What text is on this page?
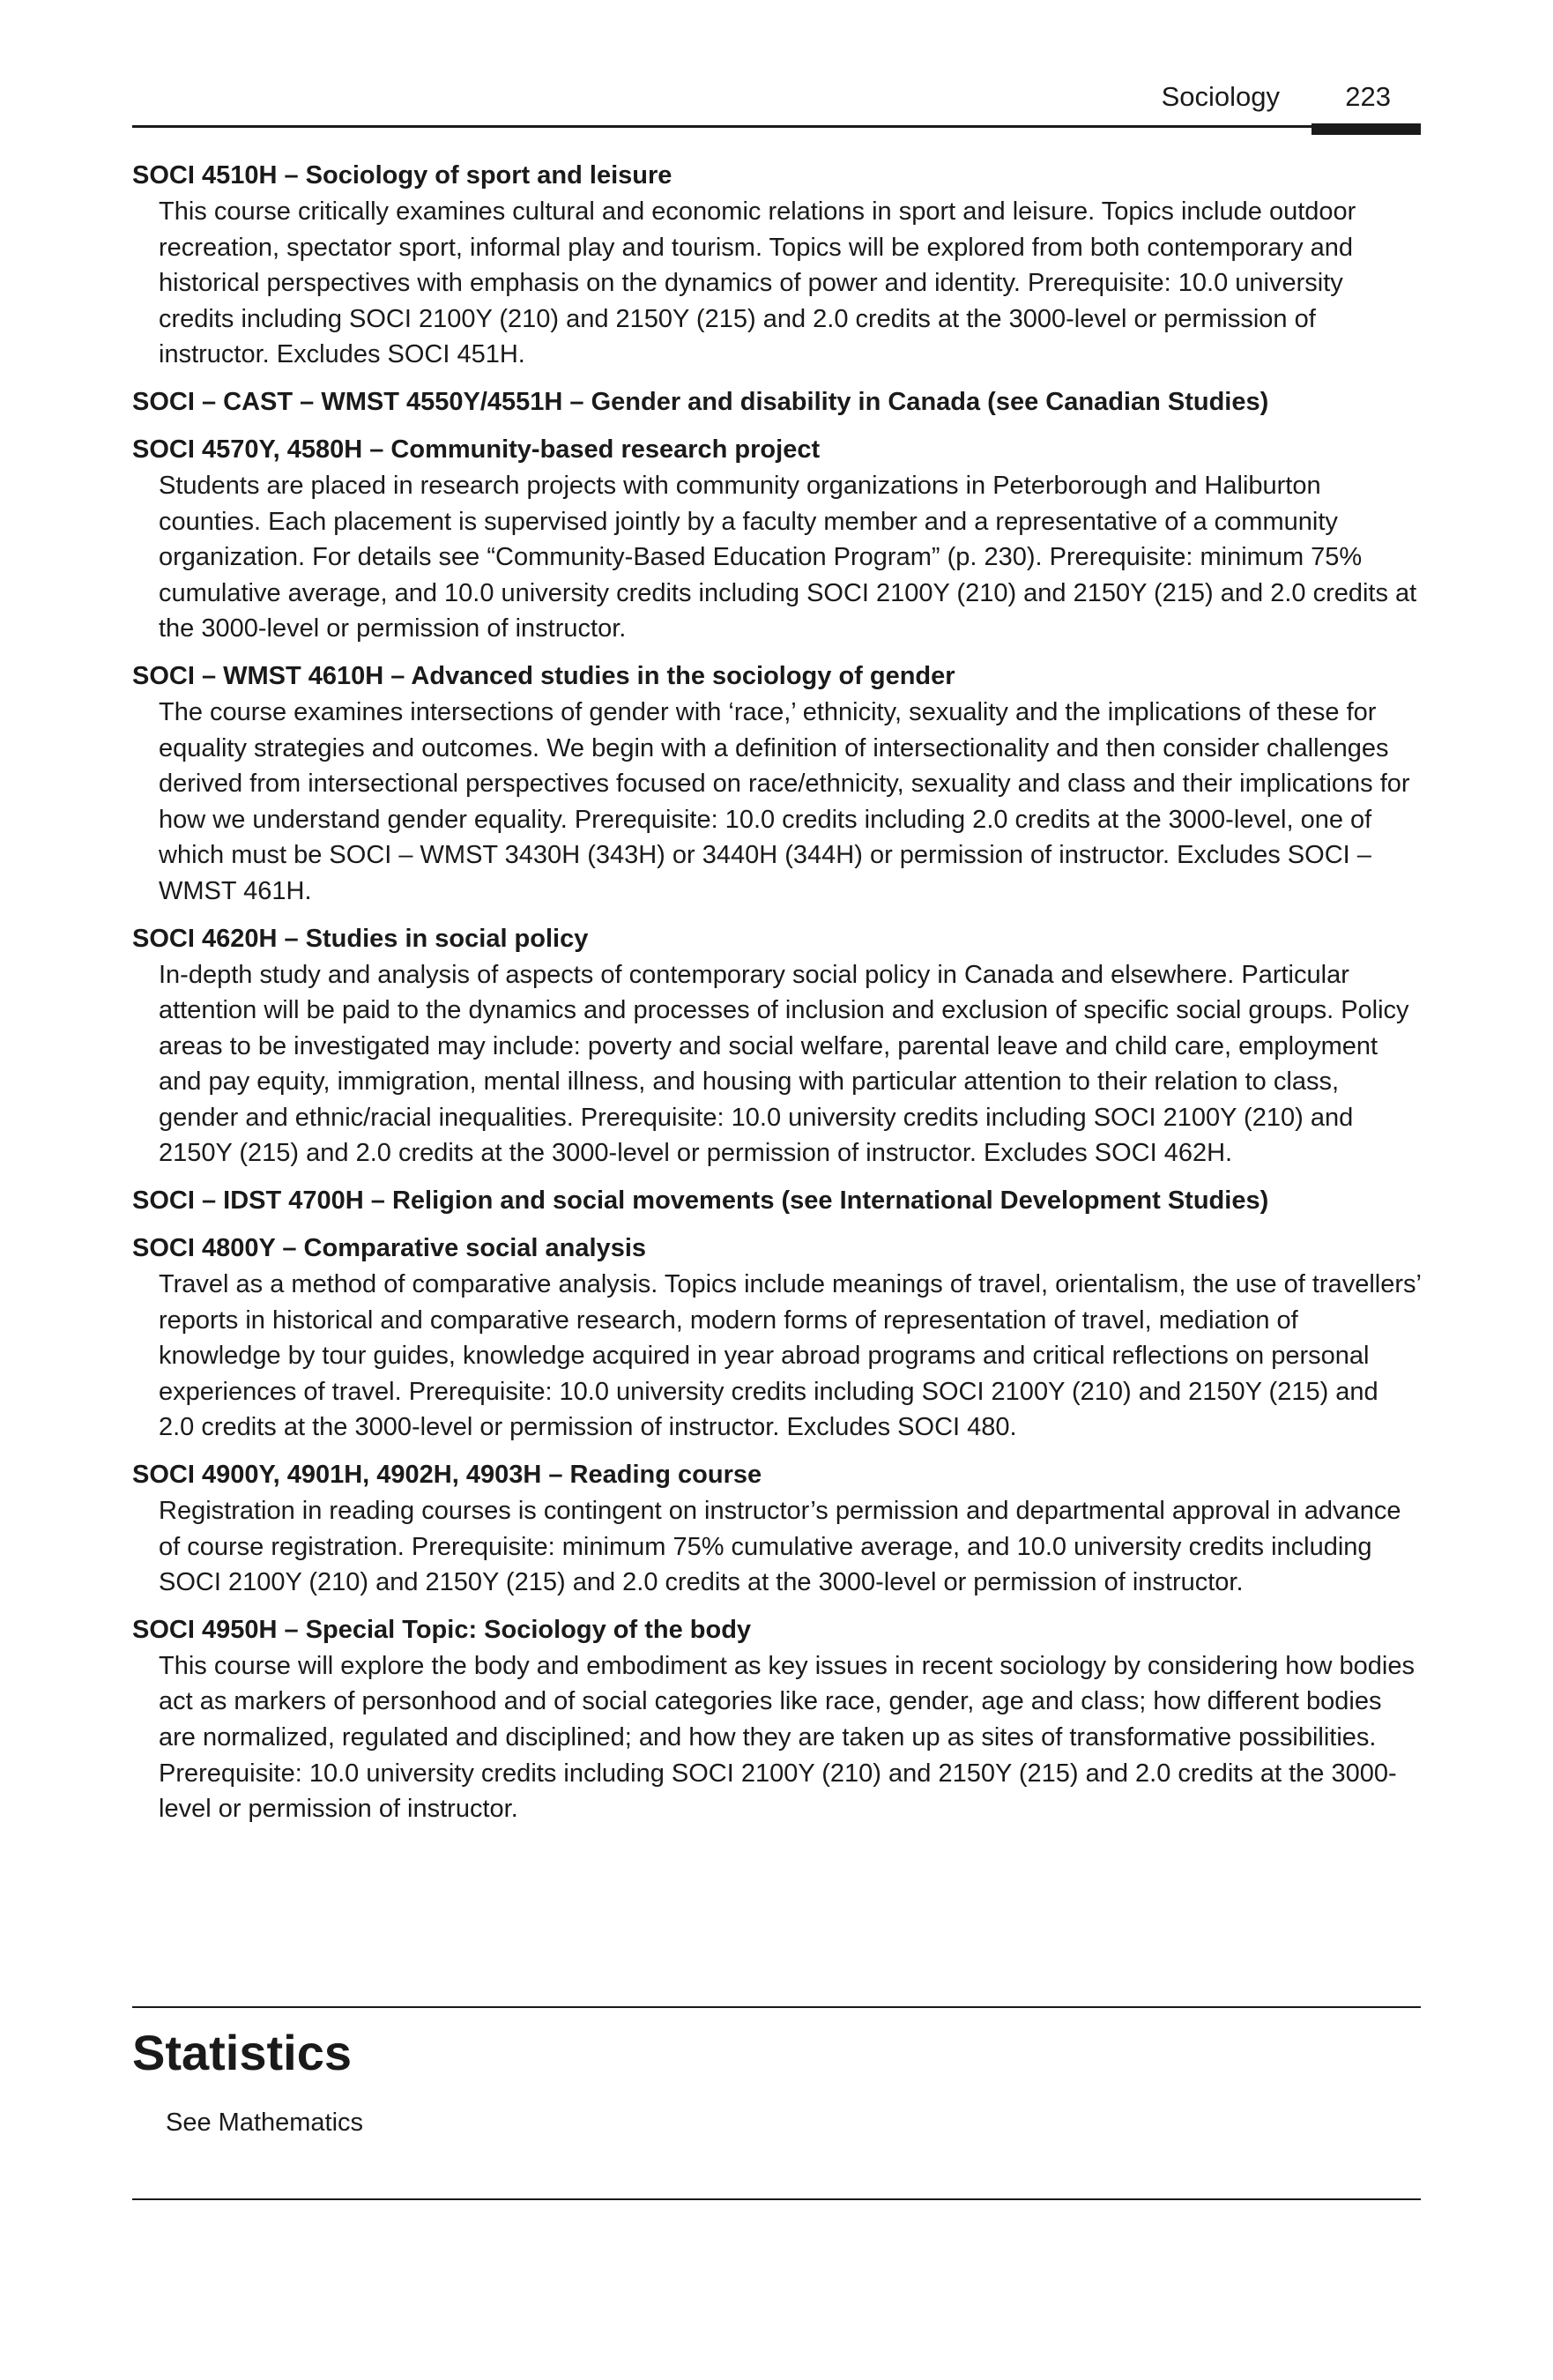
Sociology 223

SOCI 4510H – Sociology of sport and leisure

This course critically examines cultural and economic relations in sport and leisure. Topics include outdoor recreation, spectator sport, informal play and tourism. Topics will be explored from both contemporary and historical perspectives with emphasis on the dynamics of power and identity. Prerequisite: 10.0 university credits including SOCI 2100Y (210) and 2150Y (215) and 2.0 credits at the 3000-level or permission of instructor. Excludes SOCI 451H.

SOCI – CAST – WMST 4550Y/4551H – Gender and disability in Canada (see Canadian Studies)

SOCI 4570Y, 4580H – Community-based research project

Students are placed in research projects with community organizations in Peterborough and Haliburton counties. Each placement is supervised jointly by a faculty member and a representative of a community organization. For details see “Community-Based Education Program” (p. 230). Prerequisite: minimum 75% cumulative average, and 10.0 university credits including SOCI 2100Y (210) and 2150Y (215) and 2.0 credits at the 3000-level or permission of instructor.

SOCI – WMST 4610H – Advanced studies in the sociology of gender

The course examines intersections of gender with ‘race,’ ethnicity, sexuality and the implications of these for equality strategies and outcomes. We begin with a definition of intersectionality and then consider challenges derived from intersectional perspectives focused on race/ethnicity, sexuality and class and their implications for how we understand gender equality. Prerequisite: 10.0 credits including 2.0 credits at the 3000-level, one of which must be SOCI – WMST 3430H (343H) or 3440H (344H) or permission of instructor. Excludes SOCI – WMST 461H.

SOCI 4620H – Studies in social policy

In-depth study and analysis of aspects of contemporary social policy in Canada and elsewhere. Particular attention will be paid to the dynamics and processes of inclusion and exclusion of specific social groups. Policy areas to be investigated may include: poverty and social welfare, parental leave and child care, employment and pay equity, immigration, mental illness, and housing with particular attention to their relation to class, gender and ethnic/racial inequalities. Prerequisite: 10.0 university credits including SOCI 2100Y (210) and 2150Y (215) and 2.0 credits at the 3000-level or permission of instructor. Excludes SOCI 462H.

SOCI – IDST 4700H – Religion and social movements (see International Development Studies)

SOCI 4800Y – Comparative social analysis

Travel as a method of comparative analysis. Topics include meanings of travel, orientalism, the use of travellers’ reports in historical and comparative research, modern forms of representation of travel, mediation of knowledge by tour guides, knowledge acquired in year abroad programs and critical reflections on personal experiences of travel. Prerequisite: 10.0 university credits including SOCI 2100Y (210) and 2150Y (215) and 2.0 credits at the 3000-level or permission of instructor. Excludes SOCI 480.

SOCI 4900Y, 4901H, 4902H, 4903H – Reading course

Registration in reading courses is contingent on instructor’s permission and departmental approval in advance of course registration. Prerequisite: minimum 75% cumulative average, and 10.0 university credits including SOCI 2100Y (210) and 2150Y (215) and 2.0 credits at the 3000-level or permission of instructor.

SOCI 4950H – Special Topic: Sociology of the body

This course will explore the body and embodiment as key issues in recent sociology by considering how bodies act as markers of personhood and of social categories like race, gender, age and class; how different bodies are normalized, regulated and disciplined; and how they are taken up as sites of transformative possibilities. Prerequisite: 10.0 university credits including SOCI 2100Y (210) and 2150Y (215) and 2.0 credits at the 3000-level or permission of instructor.

Statistics
See Mathematics
